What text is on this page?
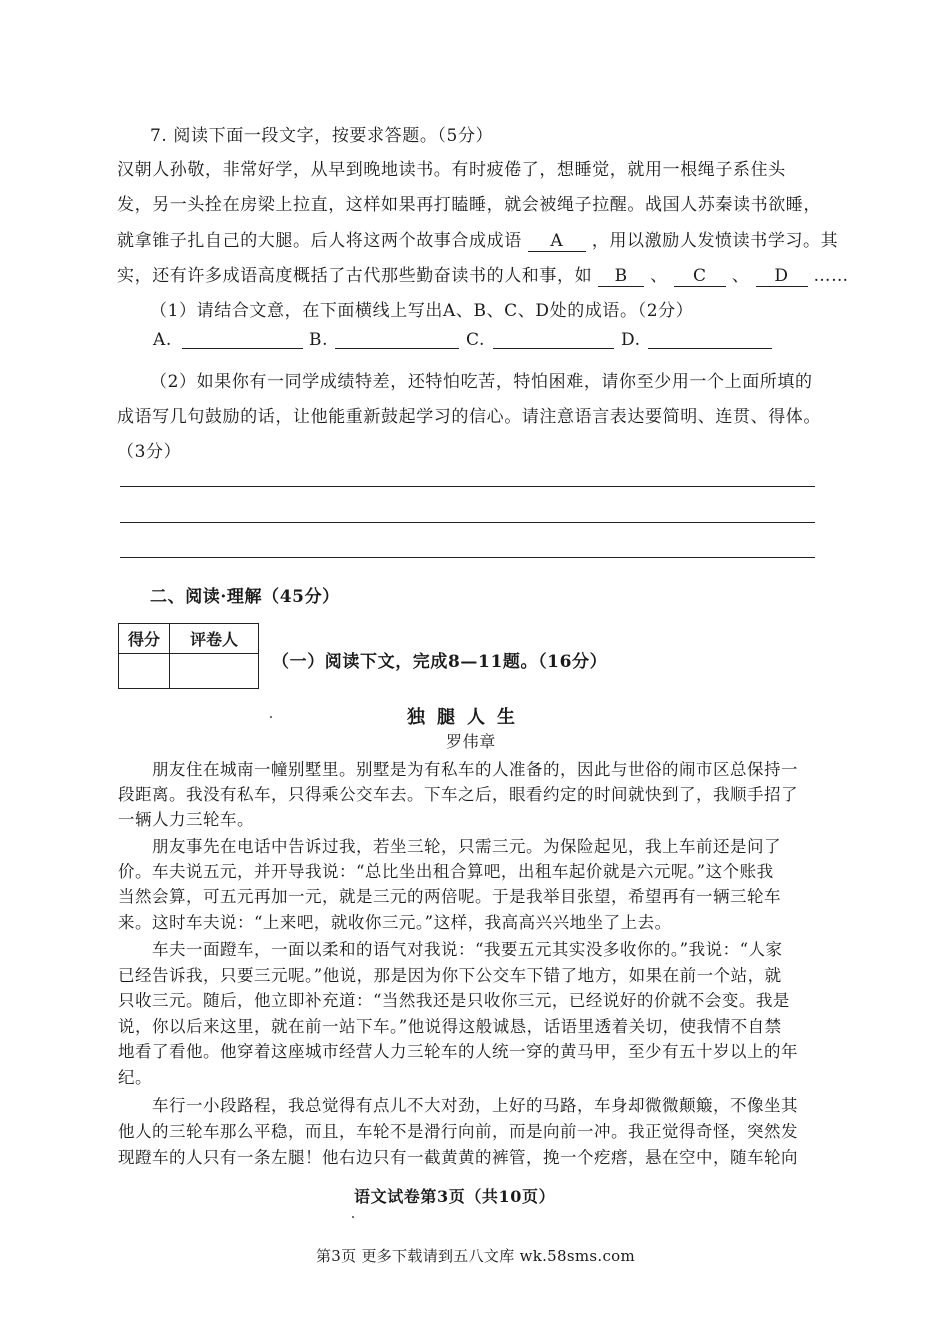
7. 阅读下面一段文字，按要求答题。（5分）
汉朝人孙敬，非常好学，从早到晚地读书。有时疲倦了，想睡觉，就用一根绳子系住头
发，另一头拴在房梁上拉直，这样如果再打瞌睡，就会被绳子拉醒。战国人苏秦读书欲睡，
就拿锥子扎自己的大腿。后人将这两个故事合成成语 A ，用以激励人发愤读书学习。其
实，还有许多成语高度概括了古代那些勤奋读书的人和事，如 B 、 C 、 D ……
（1）请结合文意，在下面横线上写出A、B、C、D处的成语。（2分）
A.	B.	C.	D.
（2）如果你有一同学成绩特差，还特怕吃苦，特怕困难，请你至少用一个上面所填的
成语写几句鼓励的话，让他能重新鼓起学习的信心。请注意语言表达要简明、连贯、得体。
（3分）
二、阅读·理解（45分）
得分	评卷人

（一）阅读下文，完成8—11题。（16分）
独腿人生
罗伟章
　　朋友住在城南一幢别墅里。别墅是为有私车的人准备的，因此与世俗的闹市区总保持一
段距离。我没有私车，只得乘公交车去。下车之后，眼看约定的时间就快到了，我顺手招了
一辆人力三轮车。
　　朋友事先在电话中告诉过我，若坐三轮，只需三元。为保险起见，我上车前还是问了
价。车夫说五元，并开导我说：“总比坐出租合算吧，出租车起价就是六元呢。”这个账我
当然会算，可五元再加一元，就是三元的两倍呢。于是我举目张望，希望再有一辆三轮车
来。这时车夫说：“上来吧，就收你三元。”这样，我高高兴兴地坐了上去。
　　车夫一面蹬车，一面以柔和的语气对我说：“我要五元其实没多收你的。”我说：“人家
已经告诉我，只要三元呢。”他说，那是因为你下公交车下错了地方，如果在前一个站，就
只收三元。随后，他立即补充道：“当然我还是只收你三元，已经说好的价就不会变。我是
说，你以后来这里，就在前一站下车。”他说得这般诚恳，话语里透着关切，使我情不自禁
地看了看他。他穿着这座城市经营人力三轮车的人统一穿的黄马甲，至少有五十岁以上的年
纪。
　　车行一小段路程，我总觉得有点儿不大对劲，上好的马路，车身却微微颠簸，不像坐其
他人的三轮车那么平稳，而且，车轮不是滑行向前，而是向前一冲。我正觉得奇怪，突然发
现蹬车的人只有一条左腿！他右边只有一截黄黄的裤管，挽一个疙瘩，悬在空中，随车轮向
语文试卷第3页（共10页）
第3页 更多下载请到五八文库 wk.58sms.com
